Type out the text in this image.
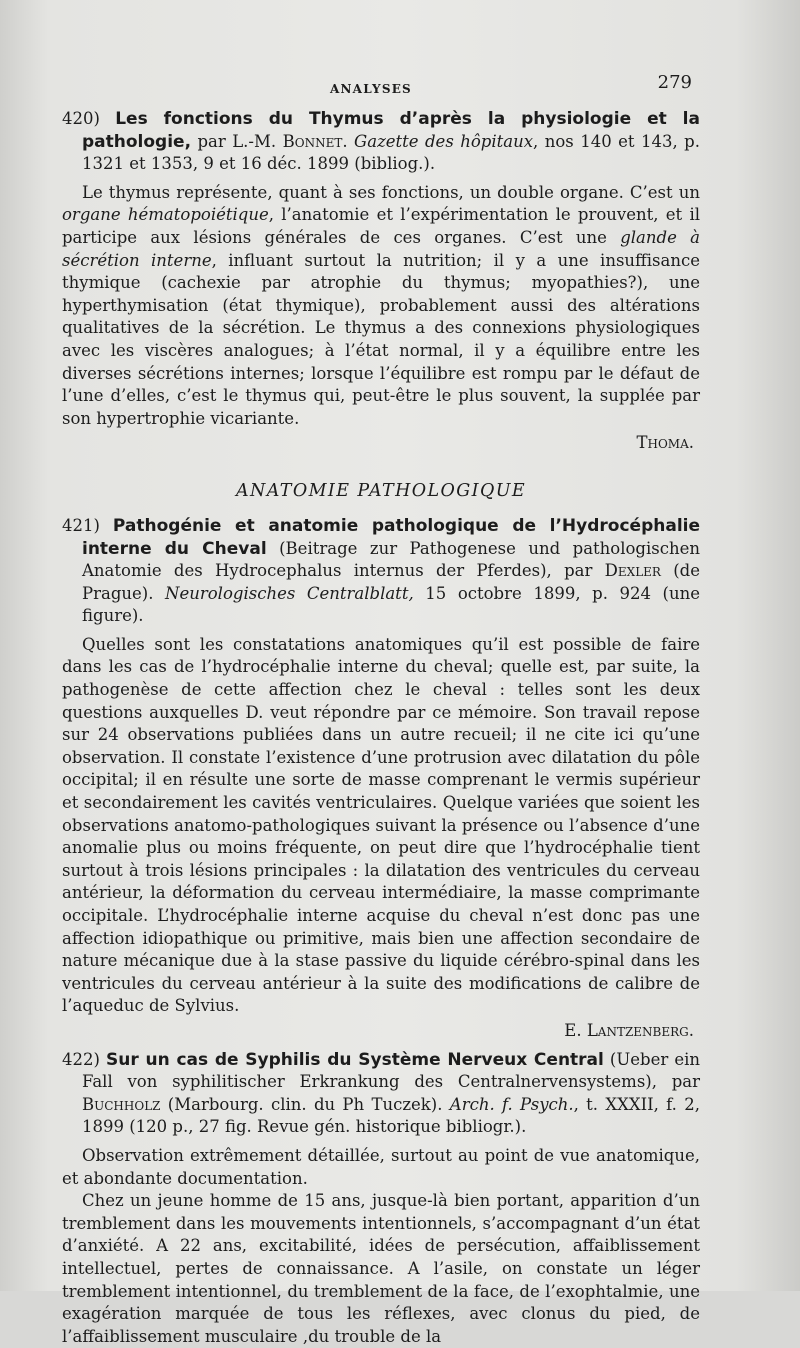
ANALYSES	279

420) Les fonctions du Thymus d’après la physiologie et la pathologie, par L.-M. Bonnet. Gazette des hôpitaux, nos 140 et 143, p. 1321 et 1353, 9 et 16 déc. 1899 (bibliog.).

Le thymus représente, quant à ses fonctions, un double organe. C’est un organe hématopoiétique, l’anatomie et l’expérimentation le prouvent, et il participe aux lésions générales de ces organes. C’est une glande à sécrétion interne, influant surtout la nutrition; il y a une insuffisance thymique (cachexie par atrophie du thymus; myopathies?), une hyperthymisation (état thymique), probablement aussi des altérations qualitatives de la sécrétion. Le thymus a des connexions physiologiques avec les viscères analogues; à l’état normal, il y a équilibre entre les diverses sécrétions internes; lorsque l’équilibre est rompu par le défaut de l’une d’elles, c’est le thymus qui, peut-être le plus souvent, la supplée par son hypertrophie vicariante.

Thoma.

ANATOMIE PATHOLOGIQUE

421) Pathogénie et anatomie pathologique de l’Hydrocéphalie interne du Cheval (Beitrage zur Pathogenese und pathologischen Anatomie des Hydrocephalus internus der Pferdes), par Dexler (de Prague). Neurologisches Centralblatt, 15 octobre 1899, p. 924 (une figure).

Quelles sont les constatations anatomiques qu’il est possible de faire dans les cas de l’hydrocéphalie interne du cheval; quelle est, par suite, la pathogenèse de cette affection chez le cheval : telles sont les deux questions auxquelles D. veut répondre par ce mémoire. Son travail repose sur 24 observations publiées dans un autre recueil; il ne cite ici qu’une observation. Il constate l’existence d’une protrusion avec dilatation du pôle occipital; il en résulte une sorte de masse comprenant le vermis supérieur et secondairement les cavités ventriculaires. Quelque variées que soient les observations anatomo-pathologiques suivant la présence ou l’absence d’une anomalie plus ou moins fréquente, on peut dire que l’hydrocéphalie tient surtout à trois lésions principales : la dilatation des ventricules du cerveau antérieur, la déformation du cerveau intermédiaire, la masse comprimante occipitale. L’hydrocéphalie interne acquise du cheval n’est donc pas une affection idiopathique ou primitive, mais bien une affection secondaire de nature mécanique due à la stase passive du liquide cérébro-spinal dans les ventricules du cerveau antérieur à la suite des modifications de calibre de l’aqueduc de Sylvius.

E. Lantzenberg.

422) Sur un cas de Syphilis du Système Nerveux Central (Ueber ein Fall von syphilitischer Erkrankung des Centralnervensystems), par Buchholz (Marbourg. clin. du Ph Tuczek). Arch. f. Psych., t. XXXII, f. 2, 1899 (120 p., 27 fig. Revue gén. historique bibliogr.).

Observation extrêmement détaillée, surtout au point de vue anatomique, et abondante documentation.

Chez un jeune homme de 15 ans, jusque-là bien portant, apparition d’un tremblement dans les mouvements intentionnels, s’accompagnant d’un état d’anxiété. A 22 ans, excitabilité, idées de persécution, affaiblissement intellectuel, pertes de connaissance. A l’asile, on constate un léger tremblement intentionnel, du tremblement de la face, de l’exophtalmie, une exagération marquée de tous les réflexes, avec clonus du pied, de l’affaiblissement musculaire ,du trouble de la
